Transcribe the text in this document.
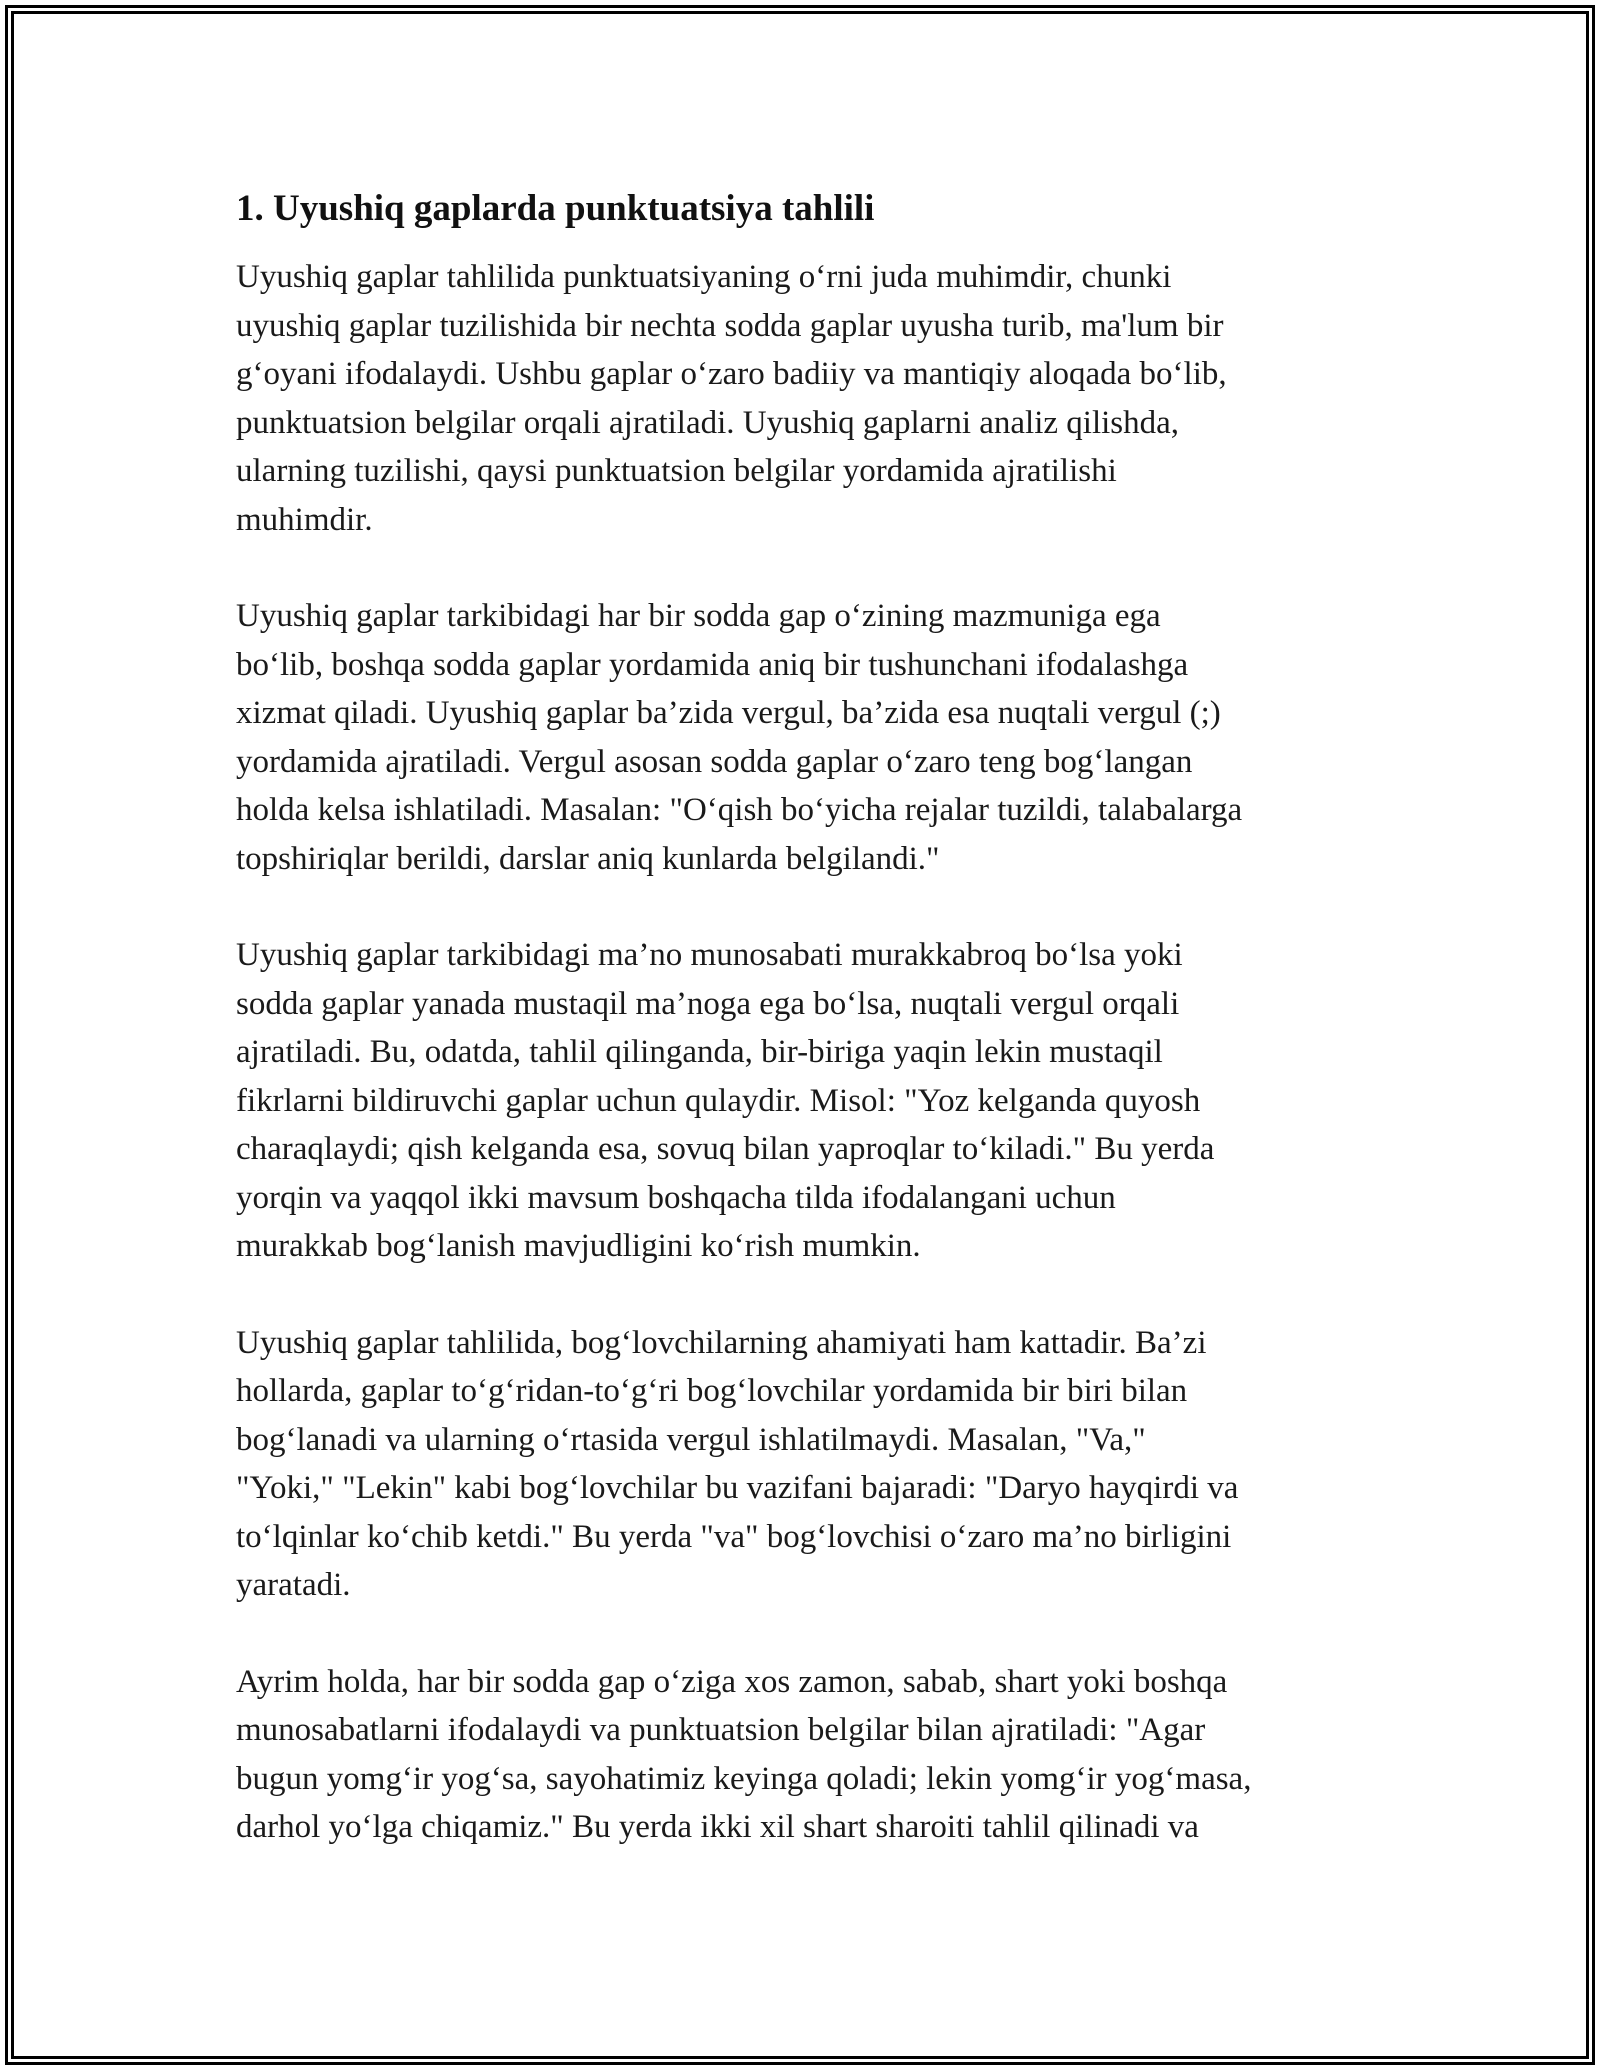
1. Uyushiq gaplarda punktuatsiya tahlili
Uyushiq gaplar tahlilida punktuatsiyaning o‘rni juda muhimdir, chunki
uyushiq gaplar tuzilishida bir nechta sodda gaplar uyusha turib, ma'lum bir
g‘oyani ifodalaydi. Ushbu gaplar o‘zaro badiiy va mantiqiy aloqada bo‘lib,
punktuatsion belgilar orqali ajratiladi. Uyushiq gaplarni analiz qilishda,
ularning tuzilishi, qaysi punktuatsion belgilar yordamida ajratilishi
muhimdir.
Uyushiq gaplar tarkibidagi har bir sodda gap o‘zining mazmuniga ega
bo‘lib, boshqa sodda gaplar yordamida aniq bir tushunchani ifodalashga
xizmat qiladi. Uyushiq gaplar ba’zida vergul, ba’zida esa nuqtali vergul (;)
yordamida ajratiladi. Vergul asosan sodda gaplar o‘zaro teng bog‘langan
holda kelsa ishlatiladi. Masalan: "O‘qish bo‘yicha rejalar tuzildi, talabalarga
topshiriqlar berildi, darslar aniq kunlarda belgilandi."
Uyushiq gaplar tarkibidagi ma’no munosabati murakkabroq bo‘lsa yoki
sodda gaplar yanada mustaqil ma’noga ega bo‘lsa, nuqtali vergul orqali
ajratiladi. Bu, odatda, tahlil qilinganda, bir-biriga yaqin lekin mustaqil
fikrlarni bildiruvchi gaplar uchun qulaydir. Misol: "Yoz kelganda quyosh
charaqlaydi; qish kelganda esa, sovuq bilan yaproqlar to‘kiladi." Bu yerda
yorqin va yaqqol ikki mavsum boshqacha tilda ifodalangani uchun
murakkab bog‘lanish mavjudligini ko‘rish mumkin.
Uyushiq gaplar tahlilida, bog‘lovchilarning ahamiyati ham kattadir. Ba’zi
hollarda, gaplar to‘g‘ridan-to‘g‘ri bog‘lovchilar yordamida bir biri bilan
bog‘lanadi va ularning o‘rtasida vergul ishlatilmaydi. Masalan, "Va,"
"Yoki," "Lekin" kabi bog‘lovchilar bu vazifani bajaradi: "Daryo hayqirdi va
to‘lqinlar ko‘chib ketdi." Bu yerda "va" bog‘lovchisi o‘zaro ma’no birligini
yaratadi.
Ayrim holda, har bir sodda gap o‘ziga xos zamon, sabab, shart yoki boshqa
munosabatlarni ifodalaydi va punktuatsion belgilar bilan ajratiladi: "Agar
bugun yomg‘ir yog‘sa, sayohatimiz keyinga qoladi; lekin yomg‘ir yog‘masa,
darhol yo‘lga chiqamiz." Bu yerda ikki xil shart sharoiti tahlil qilinadi va
